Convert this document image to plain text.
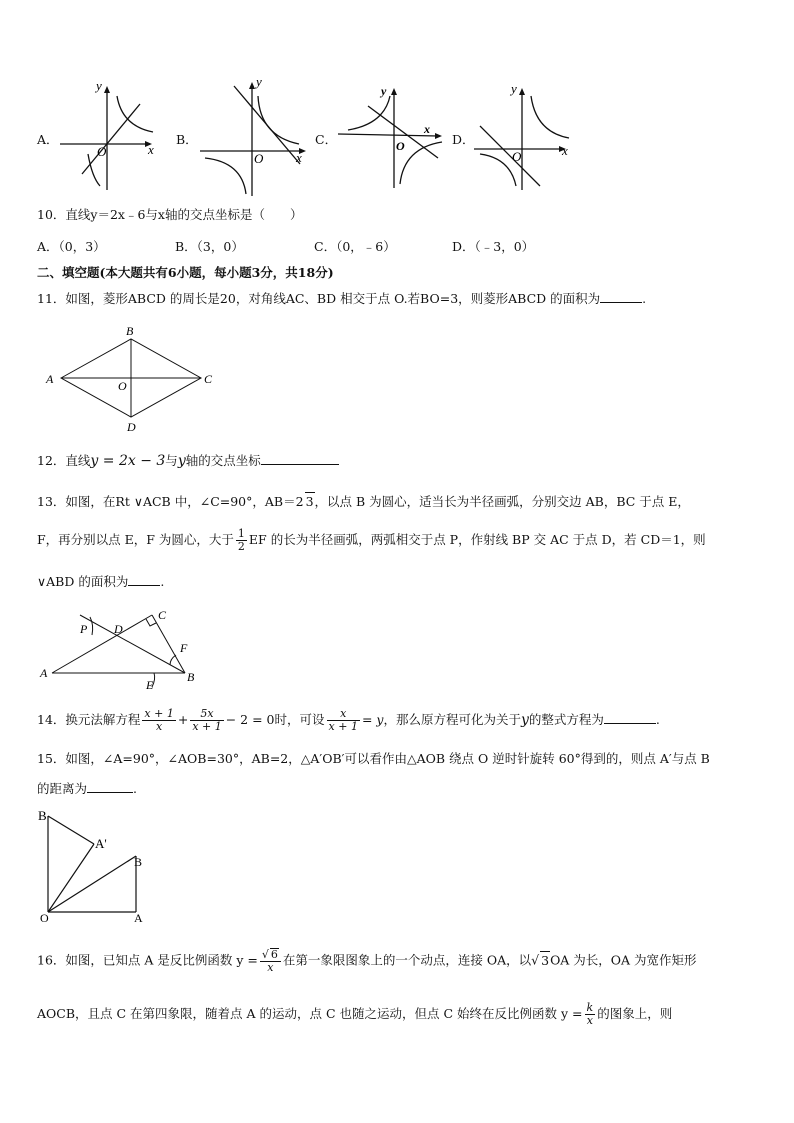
A．
y
x
O
B．
y
x
O
C．
y
x
O	D．
y
x
O
10．直线y＝2x﹣6与x轴的交点坐标是（　　）
A．（0，3）	B．（3，0）	C．（0，﹣6）	D．（﹣3，0）
二、填空题(本大题共有6小题，每小题3分，共18分)
11．如图，菱形ABCD 的周长是20，对角线AC、BD 相交于点 O.若BO=3，则菱形ABCD 的面积为	.
B
A	C
D
O
12．直线y = 2x − 3与y轴的交点坐标
13．如图，在Rt ∨ACB 中，∠C=90°，AB＝2 3，以点 B 为圆心，适当长为半径画弧，分别交边 AB，BC 于点 E，
F，再分别以点 E，F 为圆心，大于 $\frac{1}{2}$ EF 的长为半径画弧，两弧相交于点 P，作射线 BP 交 AC 于点 D，若 CD＝1，则
∨ABD 的面积为	.
A	B
C
D
E
F
P
14．换元法解方程 $\frac{x + 1}{x} + \frac{5x}{x + 1} - 2 = 0$时，可设 $\frac{x}{x + 1} = y$，那么原方程可化为关于y的整式方程为	.
15．如图，∠A=90°，∠AOB=30°，AB=2，△A′OB′可以看作由△AOB 绕点 O 逆时针旋转 60°得到的，则点 A′与点 B
的距离为	.
B
A'
B
O	A
16．如图，已知点 A 是反比例函数 $y = \frac{√ 6}{x}$ 在第一象限图象上的一个动点，连接 OA，以√ 3OA 为长，OA 为宽作矩形
AOCB，且点 C 在第四象限，随着点 A 的运动，点 C 也随之运动，但点 C 始终在反比例函数 $y = \frac{k}{x}$ 的图象上，则
